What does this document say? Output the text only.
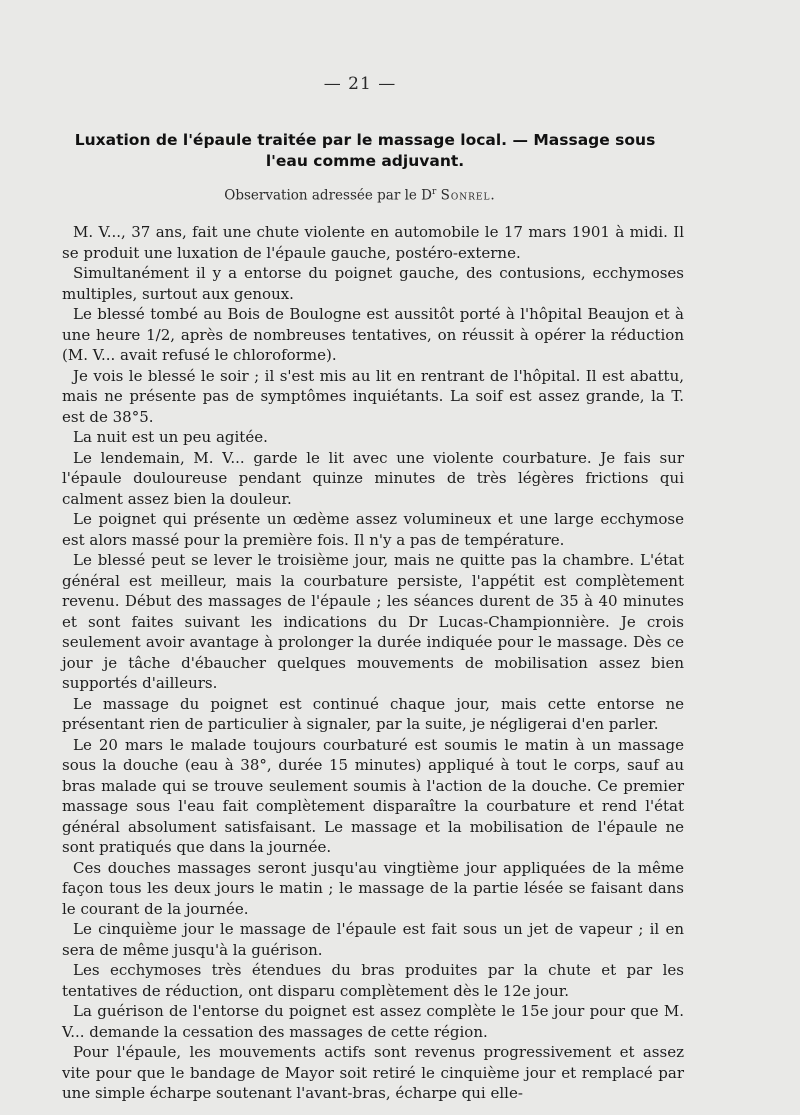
— 21 —
Luxation de l'épaule traitée par le massage local. — Massage sous
l'eau comme adjuvant.
Observation adressée par le $D^r$ Sonrel.

M. V..., 37 ans, fait une chute violente en automobile le 17 mars 1901 à midi. Il se produit une luxation de l'épaule gauche, postéro-externe.

Simultanément il y a entorse du poignet gauche, des contusions, ecchymoses multiples, surtout aux genoux.

Le blessé tombé au Bois de Boulogne est aussitôt porté à l'hôpital Beaujon et à une heure 1/2, après de nombreuses tentatives, on réussit à opérer la réduction (M. V... avait refusé le chloroforme).

Je vois le blessé le soir ; il s'est mis au lit en rentrant de l'hôpital. Il est abattu, mais ne présente pas de symptômes inquiétants. La soif est assez grande, la T. est de 38°5.

La nuit est un peu agitée.

Le lendemain, M. V... garde le lit avec une violente courbature. Je fais sur l'épaule douloureuse pendant quinze minutes de très légères frictions qui calment assez bien la douleur.

Le poignet qui présente un œdème assez volumineux et une large ecchymose est alors massé pour la première fois. Il n'y a pas de température.

Le blessé peut se lever le troisième jour, mais ne quitte pas la chambre. L'état général est meilleur, mais la courbature persiste, l'appétit est complètement revenu. Début des massages de l'épaule ; les séances durent de 35 à 40 minutes et sont faites suivant les indications du Dr Lucas-Championnière. Je crois seulement avoir avantage à prolonger la durée indiquée pour le massage. Dès ce jour je tâche d'ébaucher quelques mouvements de mobilisation assez bien supportés d'ailleurs.

Le massage du poignet est continué chaque jour, mais cette entorse ne présentant rien de particulier à signaler, par la suite, je négligerai d'en parler.

Le 20 mars le malade toujours courbaturé est soumis le matin à un massage sous la douche (eau à 38°, durée 15 minutes) appliqué à tout le corps, sauf au bras malade qui se trouve seulement soumis à l'action de la douche. Ce premier massage sous l'eau fait complètement disparaître la courbature et rend l'état général absolument satisfaisant. Le massage et la mobilisation de l'épaule ne sont pratiqués que dans la journée.

Ces douches massages seront jusqu'au vingtième jour appliquées de la même façon tous les deux jours le matin ; le massage de la partie lésée se faisant dans le courant de la journée.

Le cinquième jour le massage de l'épaule est fait sous un jet de vapeur ; il en sera de même jusqu'à la guérison.

Les ecchymoses très étendues du bras produites par la chute et par les tentatives de réduction, ont disparu complètement dès le 12e jour.

La guérison de l'entorse du poignet est assez complète le 15e jour pour que M. V... demande la cessation des massages de cette région.

Pour l'épaule, les mouvements actifs sont revenus progressivement et assez vite pour que le bandage de Mayor soit retiré le cinquième jour et remplacé par une simple écharpe soutenant l'avant-bras, écharpe qui elle-
